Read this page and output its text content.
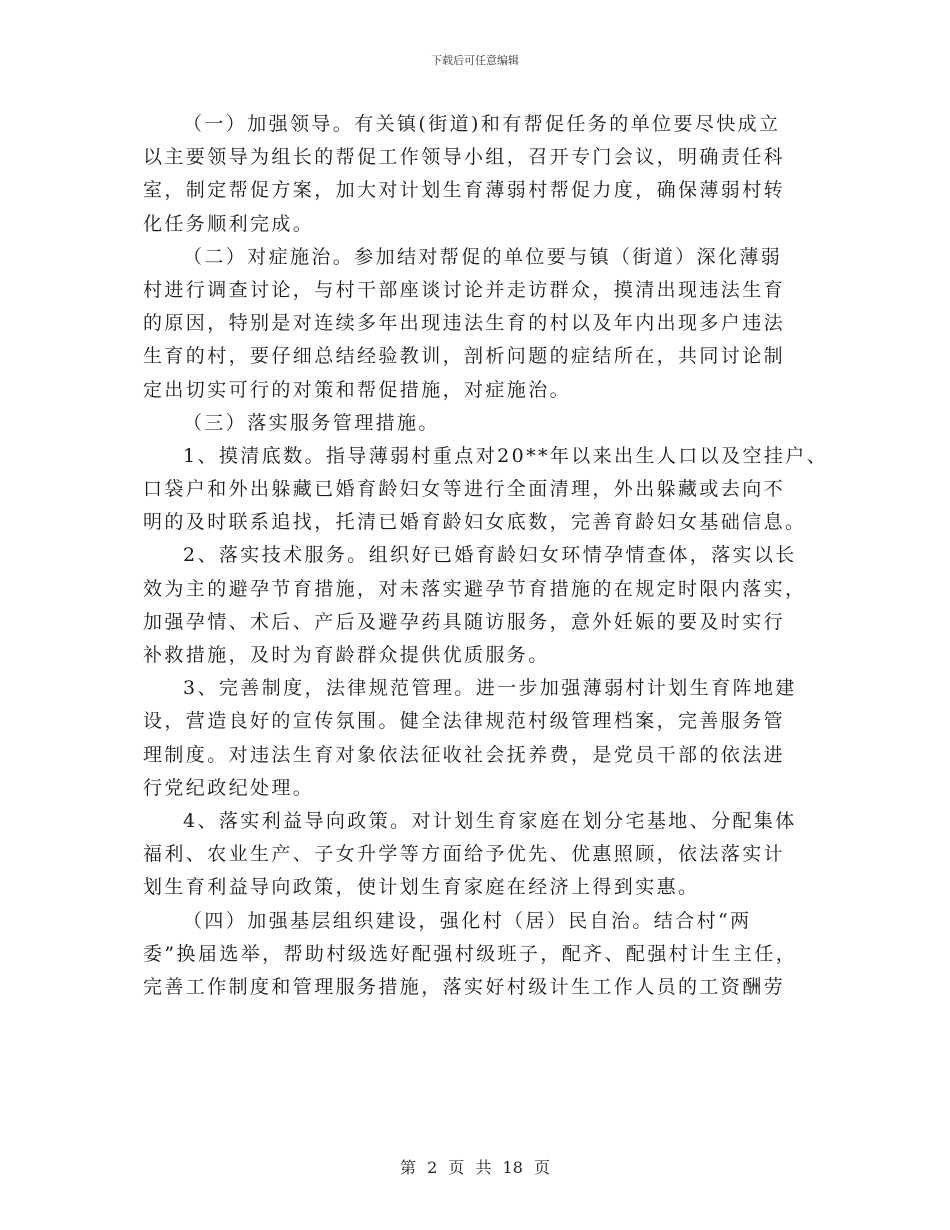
下载后可任意编辑
（一）加强领导。有关镇(街道)和有帮促任务的单位要尽快成立
以主要领导为组长的帮促工作领导小组，召开专门会议，明确责任科
室，制定帮促方案，加大对计划生育薄弱村帮促力度，确保薄弱村转
化任务顺利完成。
（二）对症施治。参加结对帮促的单位要与镇（街道）深化薄弱
村进行调查讨论，与村干部座谈讨论并走访群众，摸清出现违法生育
的原因，特别是对连续多年出现违法生育的村以及年内出现多户违法
生育的村，要仔细总结经验教训，剖析问题的症结所在，共同讨论制
定出切实可行的对策和帮促措施，对症施治。
（三）落实服务管理措施。
1、摸清底数。指导薄弱村重点对20**年以来出生人口以及空挂户、
口袋户和外出躲藏已婚育龄妇女等进行全面清理，外出躲藏或去向不
明的及时联系追找，托清已婚育龄妇女底数，完善育龄妇女基础信息。
2、落实技术服务。组织好已婚育龄妇女环情孕情查体，落实以长
效为主的避孕节育措施，对未落实避孕节育措施的在规定时限内落实，
加强孕情、术后、产后及避孕药具随访服务，意外妊娠的要及时实行
补救措施，及时为育龄群众提供优质服务。
3、完善制度，法律规范管理。进一步加强薄弱村计划生育阵地建
设，营造良好的宣传氛围。健全法律规范村级管理档案，完善服务管
理制度。对违法生育对象依法征收社会抚养费，是党员干部的依法进
行党纪政纪处理。
4、落实利益导向政策。对计划生育家庭在划分宅基地、分配集体
福利、农业生产、子女升学等方面给予优先、优惠照顾，依法落实计
划生育利益导向政策，使计划生育家庭在经济上得到实惠。
（四）加强基层组织建设，强化村（居）民自治。结合村“两
委”换届选举，帮助村级选好配强村级班子，配齐、配强村计生主任，
完善工作制度和管理服务措施，落实好村级计生工作人员的工资酬劳
第 2 页 共 18 页
